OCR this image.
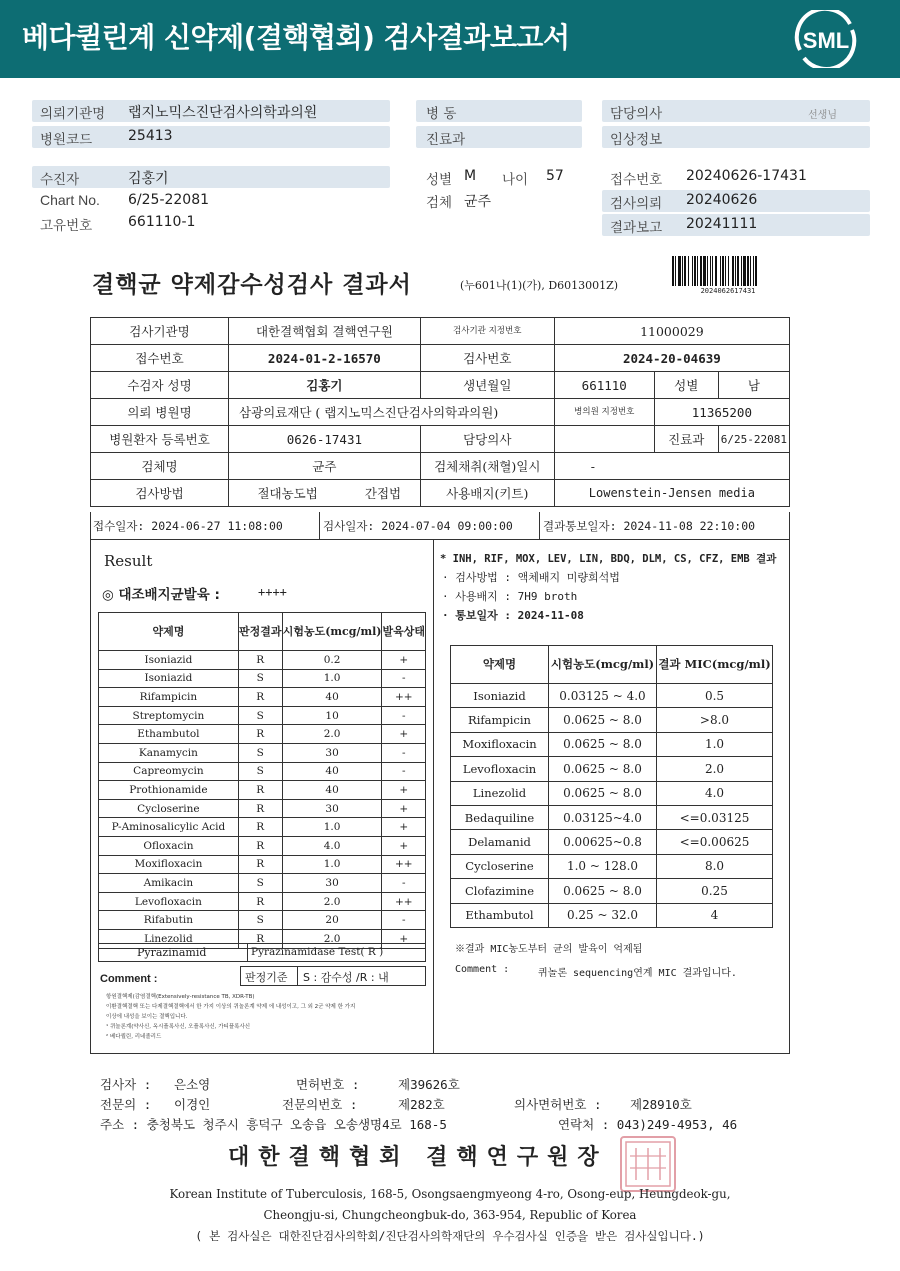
베다퀼린계 신약제(결핵협회) 검사결과보고서	SML
의뢰기관명 랩지노믹스진단검사의학과의원
병원코드	25413
병 동
진료과
담당의사	선생님
임상정보
수진자	김홍기
Chart No. 6/25-22081
고유번호	661110-1
성별 M 나이 57
검체 균주
접수번호 20240626-17431
검사의뢰 20240626
결과보고 20241111
결핵균 약제감수성검사 결과서	(누601나(1)(가), D6013001Z)	2024062617431
검사기관명	대한결핵협회 결핵연구원		검사기관 지정번호	11000029		
접수번호	2024-01-2-16570		검사번호	2024-20-04639		
수검자 성명	김홍기		생년월일	661110	성별	남
의뢰 병원명	삼광의료재단 ( 랩지노믹스진단검사의학과의원)			병의원 지정번호	11365200	
병원환자 등록번호	0626-17431		담당의사		진료과	6/25-22081
검체명	균주		검체채취(채혈)일시	-		
검사방법	절대농도법	간접법	사용배지(키트)	Lowenstein-Jensen media		
접수일자: 2024-06-27 11:08:00	검사일자: 2024-07-04 09:00:00	결과통보일자: 2024-11-08 22:10:00
Result
◎ 대조배지균발육 :	++++
약제명	판정결과	시험농도(mcg/ml)	발육상태
Isoniazid	R	0.2	+
Isoniazid	S	1.0	-
Rifampicin	R	40	++
Streptomycin	S	10	-
Ethambutol	R	2.0	+
Kanamycin	S	30	-
Capreomycin	S	40	-
Prothionamide	R	40	+
Cycloserine	R	30	+
P-Aminosalicylic Acid	R	1.0	+
Ofloxacin	R	4.0	+
Moxifloxacin	R	1.0	++
Amikacin	S	30	-
Levofloxacin	R	2.0	++
Rifabutin	S	20	-
Linezolid	R	2.0	+
Pyrazinamid	Pyrazinamidase Test( R )
판정기준 S : 감수성 /R : 내
Comment :
항원결핵제(감염결핵(Extensively-resistance TB, XDR-TB)
이환결핵결핵 또는 다제결핵결핵에서 한 가지 이상의 퀴놀론계 약제 에 내성이고, 그 외 2군 약제 한 가지
이상에 내성을 보이는 결핵입니다.
¹ 퀴놀론계(약사신, 옥시플록사신, 오플록사신, 가티플록사신
² 베다퀼린, 리네졸리드
* INH, RIF, MOX, LEV, LIN, BDQ, DLM, CS, CFZ, EMB 결과
· 검사방법 : 액체배지 미량희석법
· 사용배지 : 7H9 broth
· 통보일자 : 2024-11-08
약제명	시험농도(mcg/ml)	결과 MIC(mcg/ml)
Isoniazid	0.03125 ~ 4.0	0.5
Rifampicin	0.0625 ~ 8.0	>8.0
Moxifloxacin	0.0625 ~ 8.0	1.0
Levofloxacin	0.0625 ~ 8.0	2.0
Linezolid	0.0625 ~ 8.0	4.0
Bedaquiline	0.03125~4.0	<=0.03125
Delamanid	0.00625~0.8	<=0.00625
Cycloserine	1.0 ~ 128.0	8.0
Clofazimine	0.0625 ~ 8.0	0.25
Ethambutol	0.25 ~ 32.0	4
※결과 MIC농도부터 균의 발육이 억제됨
Comment :	퀴놀론 sequencing연계 MIC 결과입니다.
검사자 : 은소영	면허번호 :	제39626호
전문의 : 이경인	전문의번호 :	제282호	의사면허번호 : 제28910호
주소 : 충청북도 청주시 흥덕구 오송읍 오송생명4로 168-5	연락처 : 043)249-4953, 46
대한결핵협회 결핵연구원장
Korean Institute of Tuberculosis, 168-5, Osongsaengmyeong 4-ro, Osong-eup, Heungdeok-gu,
Cheongju-si, Chungcheongbuk-do, 363-954, Republic of Korea
( 본 검사실은 대한진단검사의학회/진단검사의학재단의 우수검사실 인증을 받은 검사실입니다.)
